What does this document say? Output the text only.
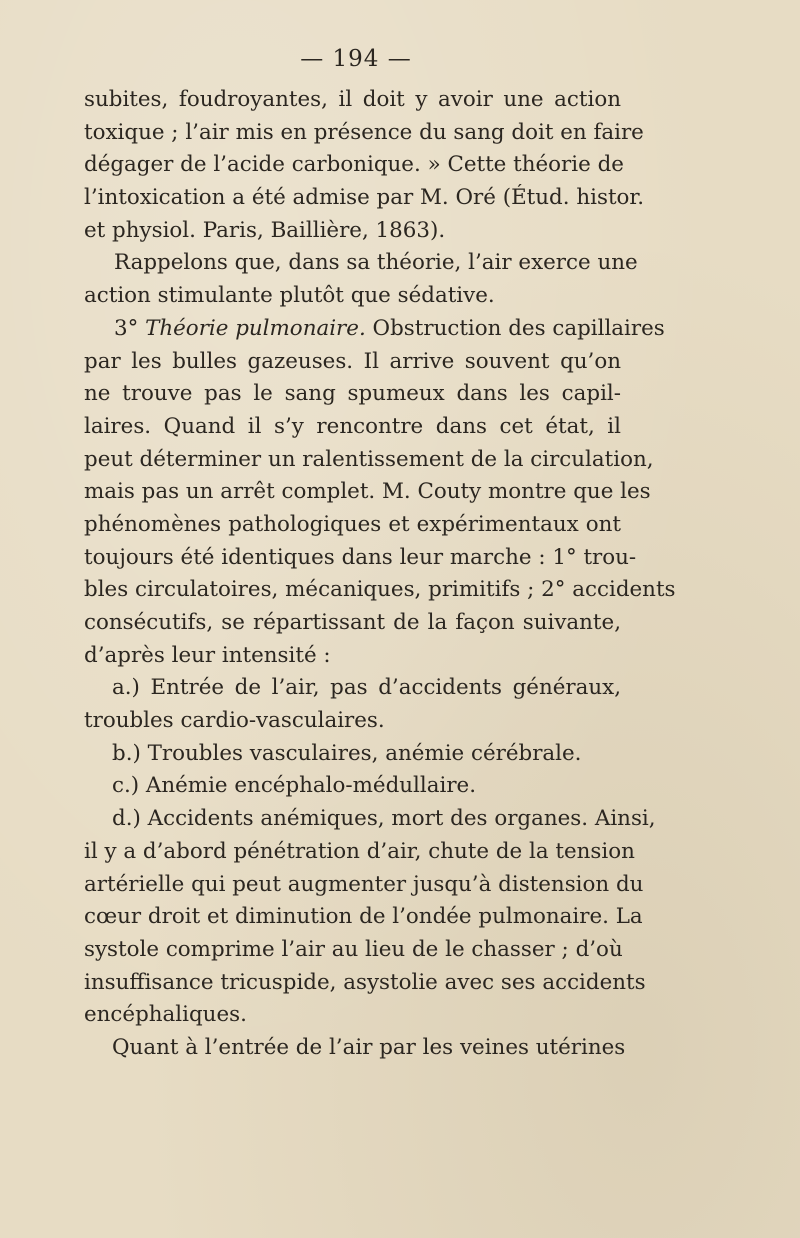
— 194 —
subites, foudroyantes, il doit y avoir une action
toxique ; l’air mis en présence du sang doit en faire
dégager de l’acide carbonique. » Cette théorie de
l’intoxication a été admise par M. Oré (Étud. histor.
et physiol. Paris, Baillière, 1863).
Rappelons que, dans sa théorie, l’air exerce une
action stimulante plutôt que sédative.
3° Théorie pulmonaire. Obstruction des capillaires
par les bulles gazeuses. Il arrive souvent qu’on
ne trouve pas le sang spumeux dans les capil-
laires. Quand il s’y rencontre dans cet état, il
peut déterminer un ralentissement de la circulation,
mais pas un arrêt complet. M. Couty montre que les
phénomènes pathologiques et expérimentaux ont
toujours été identiques dans leur marche : 1° trou-
bles circulatoires, mécaniques, primitifs ; 2° accidents
consécutifs, se répartissant de la façon suivante,
d’après leur intensité :
a.) Entrée de l’air, pas d’accidents généraux,
troubles cardio-vasculaires.
b.) Troubles vasculaires, anémie cérébrale.
c.) Anémie encéphalo-médullaire.
d.) Accidents anémiques, mort des organes. Ainsi,
il y a d’abord pénétration d’air, chute de la tension
artérielle qui peut augmenter jusqu’à distension du
cœur droit et diminution de l’ondée pulmonaire. La
systole comprime l’air au lieu de le chasser ; d’où
insuffisance tricuspide, asystolie avec ses accidents
encéphaliques.
Quant à l’entrée de l’air par les veines utérines
